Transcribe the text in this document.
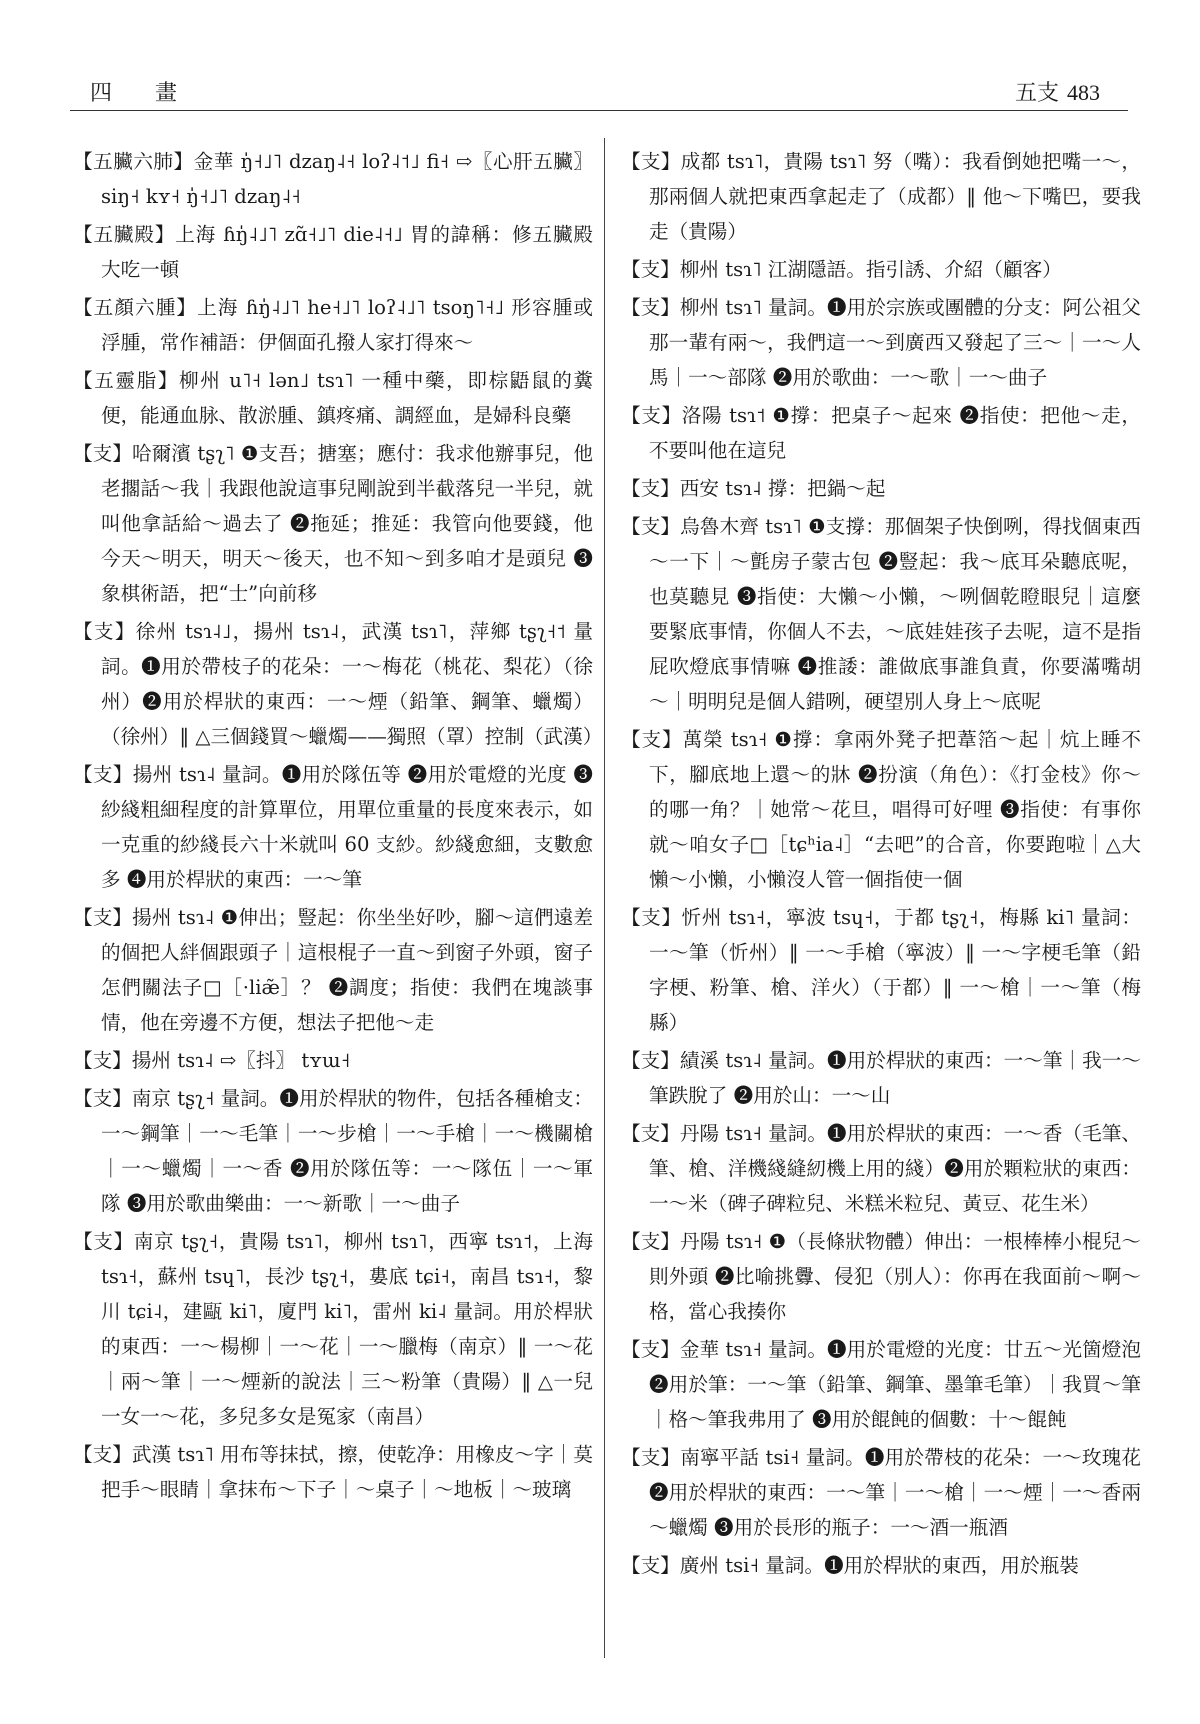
四 畫	五支 483

【五臟六肺】金華 ŋ̍˧˩˥ dzaŋ˨˧ loʔ˨˦˩ fi˧ ⇨〖心肝五臟〗 siŋ˧ kʏ˧ ŋ̍˧˩˥ dzaŋ˨˧

【五臟殿】上海 ɦŋ̍˨˩˥ zɑ̃˧˩˥ die˨˧˩ 胃的諱稱：修五臟殿大吃一頓

【五顏六腫】上海 ɦŋ̍˨˩˥ he˧˩˥ loʔ˨˩˥ tsoŋ˥˧˩ 形容腫或浮腫，常作補語：伊個面孔撥人家打得來～

【五靈脂】柳州 u˥˧ lən˩ tsɿ˥ 一種中藥，即棕鼯鼠的糞便，能通血脉、散淤腫、鎮疼痛、調經血，是婦科良藥

【支】哈爾濱 tʂʅ˥ ❶支吾；搪塞；應付：我求他辦事兒，他老擱話～我｜我跟他說這事兒剛說到半截落兒一半兒，就叫他拿話給～過去了 ❷拖延；推延：我管向他要錢，他今天～明天，明天～後天，也不知～到多咱才是頭兒 ❸象棋術語，把“士”向前移

【支】徐州 tsɿ˨˩，揚州 tsɿ˨，武漢 tsɿ˥，萍鄉 tʂʅ˧˦ 量詞。❶用於帶枝子的花朵：一～梅花（桃花、梨花）（徐州）❷用於桿狀的東西：一～煙（鉛筆、鋼筆、蠟燭）（徐州）‖ △三個錢買～蠟燭——獨照（罩）控制（武漢）

【支】揚州 tsɿ˨ 量詞。❶用於隊伍等 ❷用於電燈的光度 ❸紗綫粗細程度的計算單位，用單位重量的長度來表示，如一克重的紗綫長六十米就叫 60 支紗。紗綫愈細，支數愈多 ❹用於桿狀的東西：一～筆

【支】揚州 tsɿ˨ ❶伸出；豎起：你坐坐好吵，腳～這們遠差的個把人絆個跟頭子｜這根棍子一直～到窗子外頭，窗子怎們關法子□［·liæ̃］？ ❷調度；指使：我們在塊談事情，他在旁邊不方便，想法子把他～走

【支】揚州 tsɿ˨ ⇨〖抖〗 tʏɯ˧

【支】南京 tʂʅ˧ 量詞。❶用於桿狀的物件，包括各種槍支：一～鋼筆｜一～毛筆｜一～步槍｜一～手槍｜一～機關槍｜一～蠟燭｜一～香 ❷用於隊伍等：一～隊伍｜一～軍隊 ❸用於歌曲樂曲：一～新歌｜一～曲子

【支】南京 tʂʅ˧，貴陽 tsɿ˥，柳州 tsɿ˥，西寧 tsɿ˦，上海 tsɿ˧，蘇州 tsɥ˥，長沙 tʂʅ˧，婁底 tɕi˧，南昌 tsɿ˧，黎川 tɕi˨，建甌 ki˥，廈門 ki˥，雷州 ki˨ 量詞。用於桿狀的東西：一～楊柳｜一～花｜一～臘梅（南京）‖ 一～花｜兩～筆｜一～煙新的說法｜三～粉筆（貴陽）‖ △一兒一女一～花，多兒多女是冤家（南昌）

【支】武漢 tsɿ˥ 用布等抹拭，擦，使乾净：用橡皮～字｜莫把手～眼睛｜拿抹布～下子｜～桌子｜～地板｜～玻璃

【支】成都 tsɿ˥，貴陽 tsɿ˥ 努（嘴）：我看倒她把嘴一～，那兩個人就把東西拿起走了（成都）‖ 他～下嘴巴，要我走（貴陽）

【支】柳州 tsɿ˥ 江湖隱語。指引誘、介紹（顧客）

【支】柳州 tsɿ˥ 量詞。❶用於宗族或團體的分支：阿公祖父那一輩有兩～，我們這一～到廣西又發起了三～｜一～人馬｜一～部隊 ❷用於歌曲：一～歌｜一～曲子

【支】洛陽 tsɿ˦ ❶撐：把桌子～起來 ❷指使：把他～走，不要叫他在這兒

【支】西安 tsɿ˨ 撐：把鍋～起

【支】烏魯木齊 tsɿ˥ ❶支撐：那個架子快倒咧，得找個東西～一下｜～氈房子蒙古包 ❷豎起：我～底耳朵聽底呢，也莫聽見 ❸指使：大懶～小懶，～咧個乾瞪眼兒｜這麼要緊底事情，你個人不去，～底娃娃孩子去呢，這不是指屁吹燈底事情嘛 ❹推諉：誰做底事誰負責，你要滿嘴胡～｜明明兒是個人錯咧，硬望別人身上～底呢

【支】萬榮 tsɿ˧ ❶撐：拿兩外凳子把葦箔～起｜炕上睡不下，腳底地上還～的牀 ❷扮演（角色）：《打金枝》你～的哪一角？｜她常～花旦，唱得可好哩 ❸指使：有事你就～咱女子□［tɕʰia˨］“去吧”的合音，你要跑啦｜△大懶～小懶，小懶沒人管一個指使一個

【支】忻州 tsɿ˧，寧波 tsɥ˧，于都 tʂʅ˧，梅縣 ki˥ 量詞：一～筆（忻州）‖ 一～手槍（寧波）‖ 一～字梗毛筆（鉛字梗、粉筆、槍、洋火）（于都）‖ 一～槍｜一～筆（梅縣）

【支】績溪 tsɿ˨ 量詞。❶用於桿狀的東西：一～筆｜我一～筆跌脫了 ❷用於山：一～山

【支】丹陽 tsɿ˧ 量詞。❶用於桿狀的東西：一～香（毛筆、筆、槍、洋機綫縫紉機上用的綫）❷用於顆粒狀的東西：一～米（碑子碑粒兒、米糕米粒兒、黃豆、花生米）

【支】丹陽 tsɿ˧ ❶（長條狀物體）伸出：一根棒棒小棍兒～則外頭 ❷比喻挑釁、侵犯（別人）：你再在我面前～啊～格，當心我揍你

【支】金華 tsɿ˧ 量詞。❶用於電燈的光度：廿五～光箇燈泡 ❷用於筆：一～筆（鉛筆、鋼筆、墨筆毛筆）｜我買～筆｜格～筆我弗用了 ❸用於餛飩的個數：十～餛飩

【支】南寧平話 tsi˧ 量詞。❶用於帶枝的花朵：一～玫瑰花 ❷用於桿狀的東西：一～筆｜一～槍｜一～煙｜一～香兩～蠟燭 ❸用於長形的瓶子：一～酒一瓶酒

【支】廣州 tsi˧ 量詞。❶用於桿狀的東西，用於瓶裝
